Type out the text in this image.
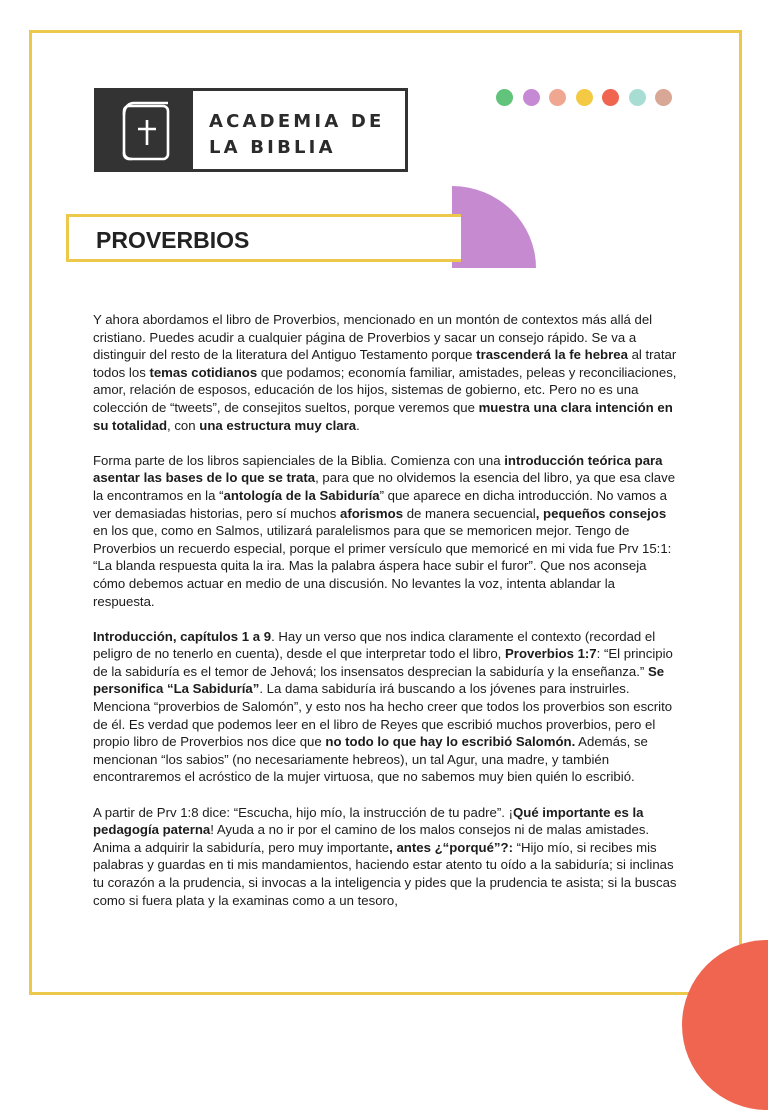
ACADEMIA DE
LA BIBLIA
PROVERBIOS

Y ahora abordamos el libro de Proverbios, mencionado en un montón de contextos más allá del cristiano. Puedes acudir a cualquier página de Proverbios y sacar un consejo rápido. Se va a distinguir del resto de la literatura del Antiguo Testamento porque trascenderá la fe hebrea al tratar todos los temas cotidianos que podamos; economía familiar, amistades, peleas y reconciliaciones, amor, relación de esposos, educación de los hijos, sistemas de gobierno, etc. Pero no es una colección de “tweets”, de consejitos sueltos, porque veremos que muestra una clara intención en su totalidad, con una estructura muy clara.

Forma parte de los libros sapienciales de la Biblia. Comienza con una introducción teórica para asentar las bases de lo que se trata, para que no olvidemos la esencia del libro, ya que esa clave la encontramos en la “antología de la Sabiduría” que aparece en dicha introducción. No vamos a ver demasiadas historias, pero sí muchos aforismos de manera secuencial, pequeños consejos en los que, como en Salmos, utilizará paralelismos para que se memoricen mejor. Tengo de Proverbios un recuerdo especial, porque el primer versículo que memoricé en mi vida fue Prv 15:1: “La blanda respuesta quita la ira. Mas la palabra áspera hace subir el furor”. Que nos aconseja cómo debemos actuar en medio de una discusión. No levantes la voz, intenta ablandar la respuesta.

Introducción, capítulos 1 a 9. Hay un verso que nos indica claramente el contexto (recordad el peligro de no tenerlo en cuenta), desde el que interpretar todo el libro, Proverbios 1:7: “El principio de la sabiduría es el temor de Jehová; los insensatos desprecian la sabiduría y la enseñanza.” Se personifica “La Sabiduría”. La dama sabiduría irá buscando a los jóvenes para instruirles. Menciona “proverbios de Salomón”, y esto nos ha hecho creer que todos los proverbios son escrito de él. Es verdad que podemos leer en el libro de Reyes que escribió muchos proverbios, pero el propio libro de Proverbios nos dice que no todo lo que hay lo escribió Salomón. Además, se mencionan “los sabios” (no necesariamente hebreos), un tal Agur, una madre, y también encontraremos el acróstico de la mujer virtuosa, que no sabemos muy bien quién lo escribió.

A partir de Prv 1:8 dice: “Escucha, hijo mío, la instrucción de tu padre”. ¡Qué importante es la pedagogía paterna! Ayuda a no ir por el camino de los malos consejos ni de malas amistades. Anima a adquirir la sabiduría, pero muy importante, antes ¿“porqué”?: “Hijo mío, si recibes mis palabras y guardas en ti mis mandamientos, haciendo estar atento tu oído a la sabiduría; si inclinas tu corazón a la prudencia, si invocas a la inteligencia y pides que la prudencia te asista; si la buscas como si fuera plata y la examinas como a un tesoro,
